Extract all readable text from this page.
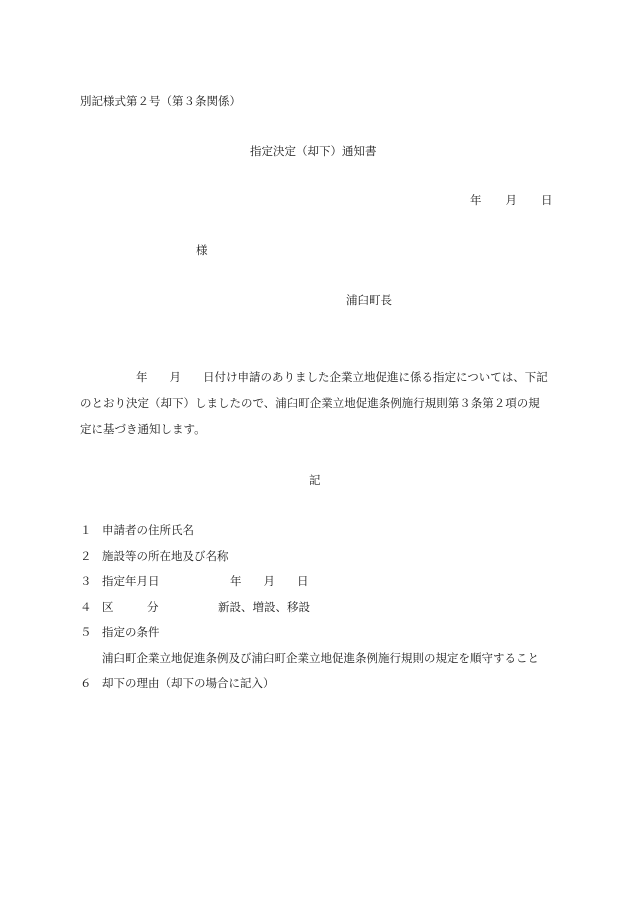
別記様式第２号（第３条関係）
指定決定（却下）通知書
年 月 日
様
浦臼町長
年 月 日付け申請のありました企業立地促進に係る指定については、下記のとおり決定（却下）しましたので、浦臼町企業立地促進条例施行規則第３条第２項の規定に基づき通知します。
記
１ 申請者の住所氏名
２ 施設等の所在地及び名称
３ 指定年月日	年 月 日
４ 区	分	新設、増設、移設
５ 指定の条件
浦臼町企業立地促進条例及び浦臼町企業立地促進条例施行規則の規定を順守すること
６ 却下の理由（却下の場合に記入）
